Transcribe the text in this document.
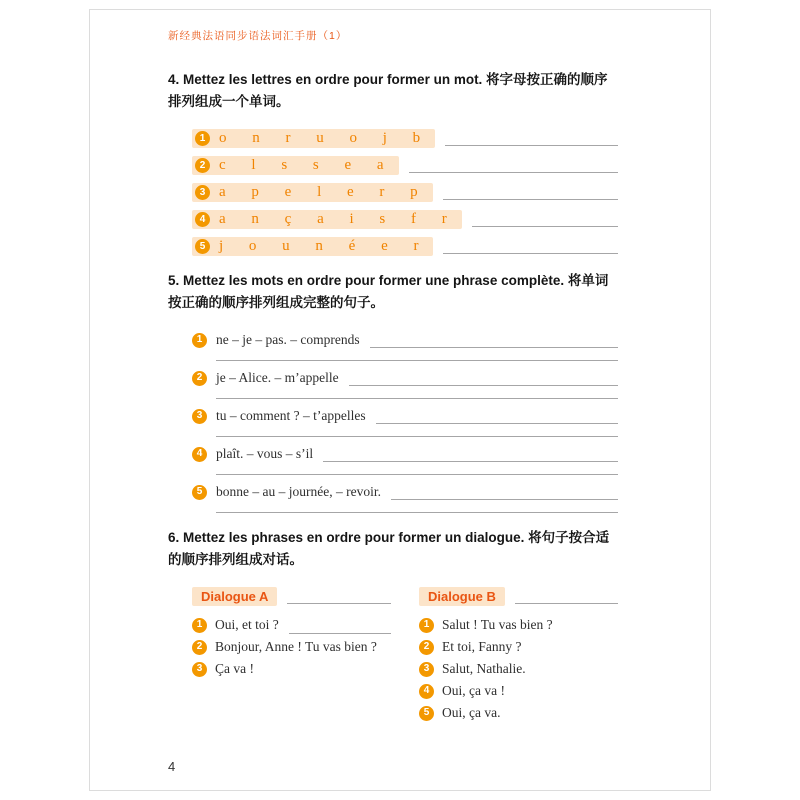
新经典法语同步语法词汇手册（1）
4. Mettez les lettres en ordre pour former un mot. 将字母按正确的顺序排列组成一个单词。
1 o n r u o j b
2 c l s s e a
3 a p e l e r p
4 a n ç a i s f r
5 j o u n é e r
5. Mettez les mots en ordre pour former une phrase complète. 将单词按正确的顺序排列组成完整的句子。
1	ne – je – pas. – comprends
2	je – Alice. – m’appelle
3	tu – comment ? – t’appelles
4	plaît. – vous – s’il
5	bonne – au – journée, – revoir.
6. Mettez les phrases en ordre pour former un dialogue. 将句子按合适的顺序排列组成对话。
Dialogue A
1 Oui, et toi ?
2 Bonjour, Anne ! Tu vas bien ?
3 Ça va !
Dialogue B
1 Salut ! Tu vas bien ?
2 Et toi, Fanny ?
3 Salut, Nathalie.
4 Oui, ça va !
5 Oui, ça va.
4
